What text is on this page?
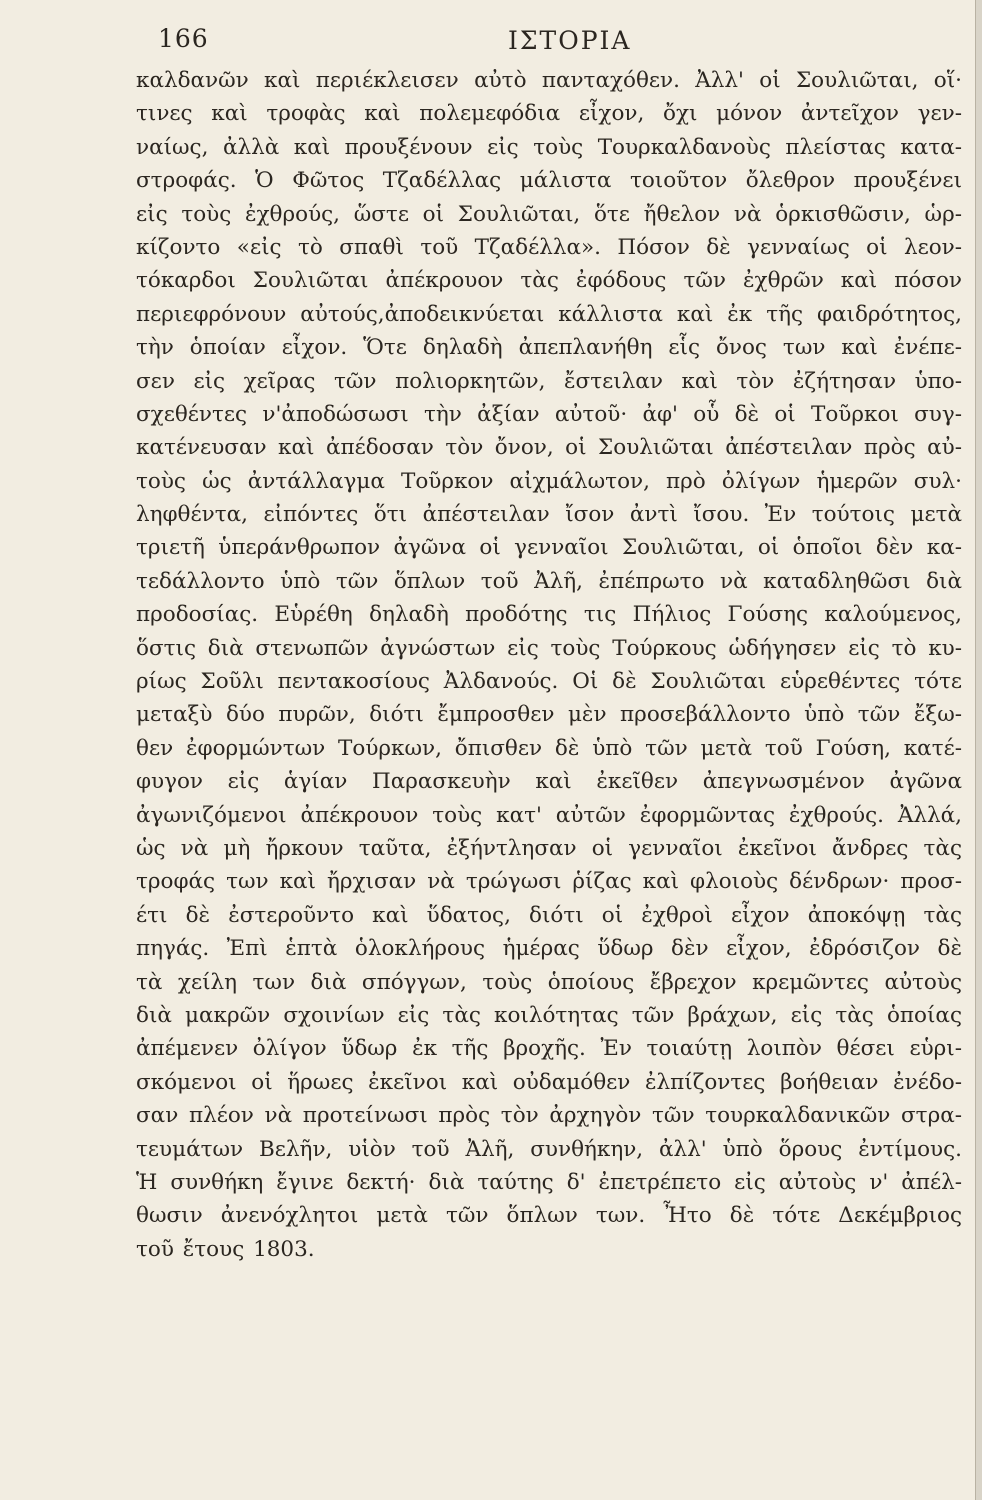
166	ΙΣΤΟΡΙΑ
καλδανῶν καὶ περιέκλεισεν αὐτὸ πανταχόθεν. Ἀλλ' οἱ Σουλιῶται, οἵ·
τινες καὶ τροφὰς καὶ πολεμεφόδια εἶχον, ὄχι μόνον ἀντεῖχον γεν-
ναίως, ἀλλὰ καὶ προυξένουν εἰς τοὺς Τουρκαλδανοὺς πλείστας κατα-
στροφάς. Ὁ Φῶτος Τζαδέλλας μάλιστα τοιοῦτον ὄλεθρον προυξένει
εἰς τοὺς ἐχθρούς, ὥστε οἱ Σουλιῶται, ὅτε ἤθελον νὰ ὁρκισθῶσιν, ὡρ-
κίζοντο «εἰς τὸ σπαθὶ τοῦ Τζαδέλλα». Πόσον δὲ γενναίως οἱ λεον-
τόκαρδοι Σουλιῶται ἀπέκρουον τὰς ἐφόδους τῶν ἐχθρῶν καὶ πόσον
περιεφρόνουν αὐτούς,ἀποδεικνύεται κάλλιστα καὶ ἐκ τῆς φαιδρότητος,
τὴν ὁποίαν εἶχον. Ὅτε δηλαδὴ ἀπεπλανήθη εἷς ὄνος των καὶ ἐνέπε-
σεν εἰς χεῖρας τῶν πολιορκητῶν, ἔστειλαν καὶ τὸν ἐζήτησαν ὑπο-
σχεθέντες ν'ἀποδώσωσι τὴν ἀξίαν αὐτοῦ· ἀφ' οὗ δὲ οἱ Τοῦρκοι συγ-
κατένευσαν καὶ ἀπέδοσαν τὸν ὄνον, οἱ Σουλιῶται ἀπέστειλαν πρὸς αὐ-
τοὺς ὡς ἀντάλλαγμα Τοῦρκον αἰχμάλωτον, πρὸ ὀλίγων ἡμερῶν συλ·
ληφθέντα, εἰπόντες ὅτι ἀπέστειλαν ἴσον ἀντὶ ἴσου. Ἐν τούτοις μετὰ
τριετῆ ὑπεράνθρωπον ἀγῶνα οἱ γενναῖοι Σουλιῶται, οἱ ὁποῖοι δὲν κα-
τεδάλλοντο ὑπὸ τῶν ὅπλων τοῦ Ἀλῆ, ἐπέπρωτο νὰ καταδληθῶσι διὰ
προδοσίας. Εὑρέθη δηλαδὴ προδότης τις Πήλιος Γούσης καλούμενος,
ὅστις διὰ στενωπῶν ἀγνώστων εἰς τοὺς Τούρκους ὡδήγησεν εἰς τὸ κυ-
ρίως Σοῦλι πεντακοσίους Ἀλδανούς. Οἱ δὲ Σουλιῶται εὑρεθέντες τότε
μεταξὺ δύο πυρῶν, διότι ἔμπροσθεν μὲν προσεβάλλοντο ὑπὸ τῶν ἔξω-
θεν ἐφορμώντων Τούρκων, ὄπισθεν δὲ ὑπὸ τῶν μετὰ τοῦ Γούση, κατέ-
φυγον εἰς ἁγίαν Παρασκευὴν καὶ ἐκεῖθεν ἀπεγνωσμένον ἀγῶνα
ἀγωνιζόμενοι ἀπέκρουον τοὺς κατ' αὐτῶν ἐφορμῶντας ἐχθρούς. Ἀλλά,
ὡς νὰ μὴ ἤρκουν ταῦτα, ἐξήντλησαν οἱ γενναῖοι ἐκεῖνοι ἄνδρες τὰς
τροφάς των καὶ ἤρχισαν νὰ τρώγωσι ῥίζας καὶ φλοιοὺς δένδρων· προσ-
έτι δὲ ἐστεροῦντο καὶ ὕδατος, διότι οἱ ἐχθροὶ εἶχον ἀποκόψῃ τὰς
πηγάς. Ἐπὶ ἑπτὰ ὁλοκλήρους ἡμέρας ὕδωρ δὲν εἶχον, ἐδρόσιζον δὲ
τὰ χείλη των διὰ σπόγγων, τοὺς ὁποίους ἔβρεχον κρεμῶντες αὐτοὺς
διὰ μακρῶν σχοινίων εἰς τὰς κοιλότητας τῶν βράχων, εἰς τὰς ὁποίας
ἀπέμενεν ὀλίγον ὕδωρ ἐκ τῆς βροχῆς. Ἐν τοιαύτῃ λοιπὸν θέσει εὑρι-
σκόμενοι οἱ ἥρωες ἐκεῖνοι καὶ οὐδαμόθεν ἐλπίζοντες βοήθειαν ἐνέδο-
σαν πλέον νὰ προτείνωσι πρὸς τὸν ἀρχηγὸν τῶν τουρκαλδανικῶν στρα-
τευμάτων Βελῆν, υἱὸν τοῦ Ἀλῆ, συνθήκην, ἀλλ' ὑπὸ ὅρους ἐντίμους.
Ἡ συνθήκη ἔγινε δεκτή· διὰ ταύτης δ' ἐπετρέπετο εἰς αὐτοὺς ν' ἀπέλ-
θωσιν ἀνενόχλητοι μετὰ τῶν ὅπλων των. Ἦτο δὲ τότε Δεκέμβριος
τοῦ ἔτους 1803.
